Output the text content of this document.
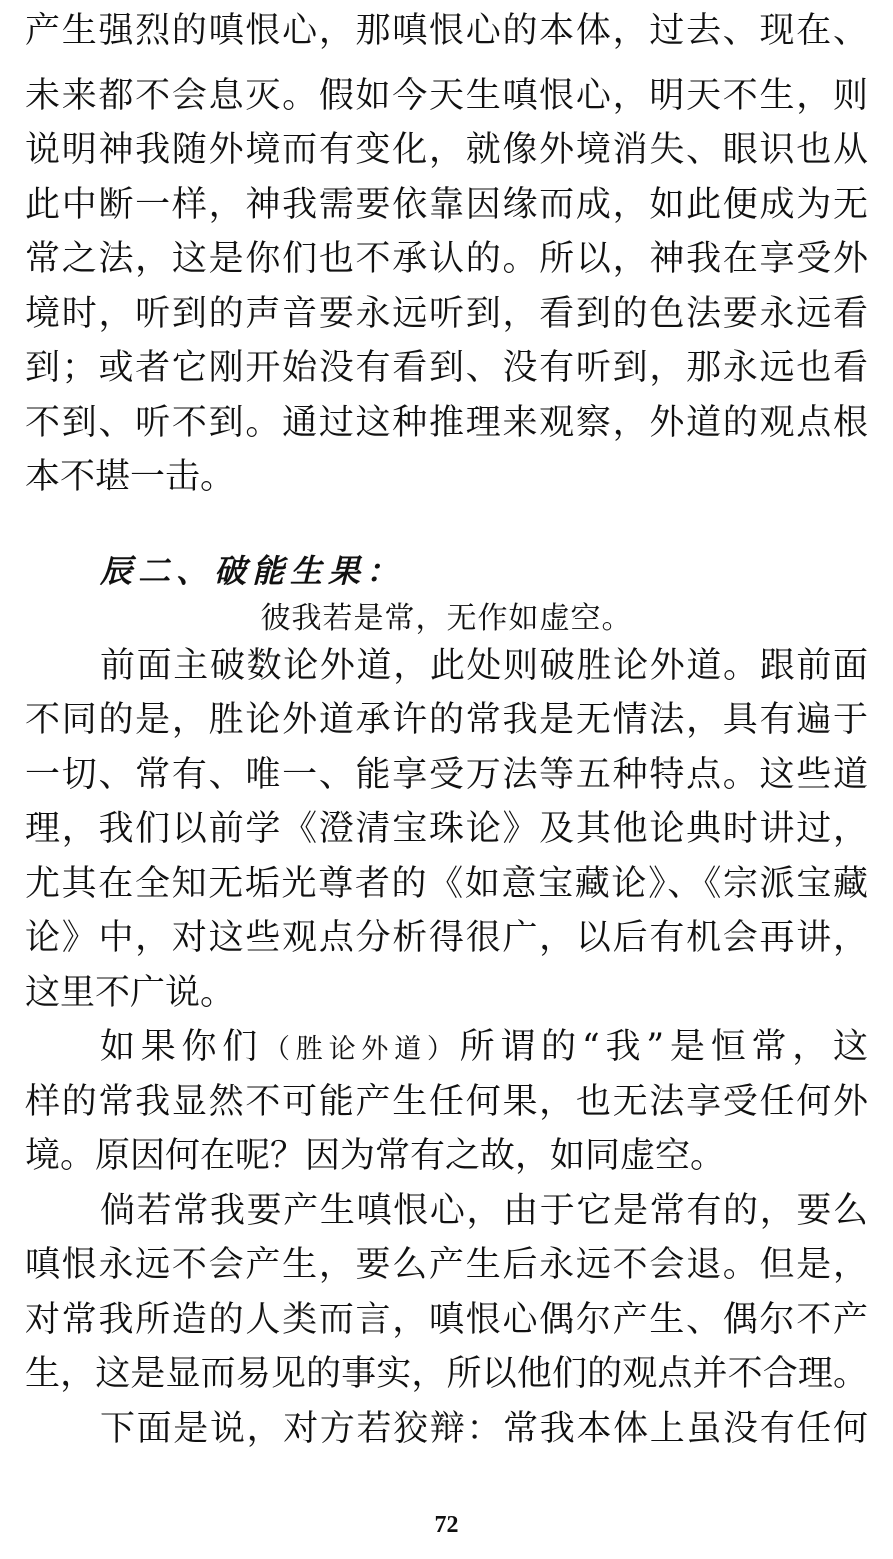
产生强烈的嗔恨心，那嗔恨心的本体，过去、现在、
未来都不会息灭。假如今天生嗔恨心，明天不生，则
说明神我随外境而有变化，就像外境消失、眼识也从
此中断一样，神我需要依靠因缘而成，如此便成为无
常之法，这是你们也不承认的。所以，神我在享受外
境时，听到的声音要永远听到，看到的色法要永远看
到；或者它刚开始没有看到、没有听到，那永远也看
不到、听不到。通过这种推理来观察，外道的观点根
本不堪一击。
辰二、破能生果：
彼我若是常，无作如虚空。
前面主破数论外道，此处则破胜论外道。跟前面
不同的是，胜论外道承许的常我是无情法，具有遍于
一切、常有、唯一、能享受万法等五种特点。这些道
理，我们以前学《澄清宝珠论》及其他论典时讲过，
尤其在全知无垢光尊者的《如意宝藏论》、《宗派宝藏
论》中，对这些观点分析得很广，以后有机会再讲，
这里不广说。
如果你们（胜论外道）所谓的“我”是恒常，这
样的常我显然不可能产生任何果，也无法享受任何外
境。原因何在呢？因为常有之故，如同虚空。
倘若常我要产生嗔恨心，由于它是常有的，要么
嗔恨永远不会产生，要么产生后永远不会退。但是，
对常我所造的人类而言，嗔恨心偶尔产生、偶尔不产
生，这是显而易见的事实，所以他们的观点并不合理。
下面是说，对方若狡辩：常我本体上虽没有任何
72
